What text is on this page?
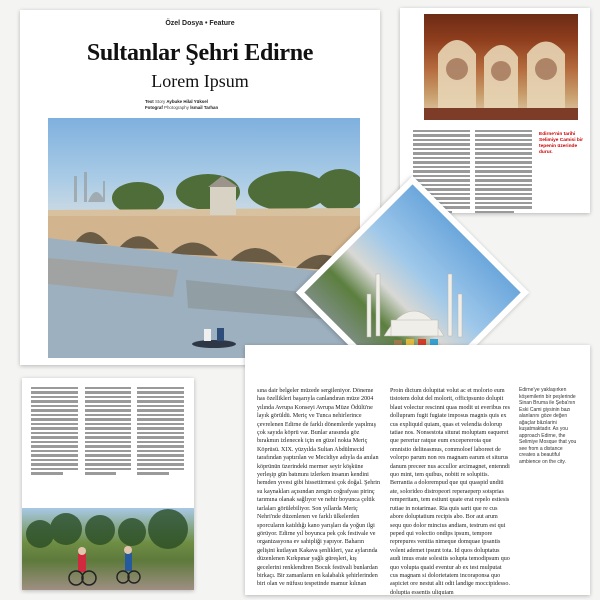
Özel Dosya • Feature
Sultanlar Şehri Edirne
Lorem Ipsum
Text Story Aybuke Hilal Yüksel
Fotograf Photography İsmail Tarhan
Edirne'nin tarihi Selimiye Camisi bir tepenin üzerinde durur.
sına dair belgeler müzede sergileniyor. Döneme has özellikleri başarıyla canlandıran müze 2004 yılında Avrupa Konseyi Avrupa Müze Ödülü'ne layık görüldü. Meriç ve Tunca nehirlerince çevrelenen Edirne de farklı dönemlerde yapılmış çok sayıda köprü var. Bunlar arasında göz bırakmın izlenecek için en güzel nokta Meriç Köprüsü. XIX. yüzyılda Sultan Abdülmecid tarafından yaptırılan ve Mecidiye adıyla da anılan köprünün üzerindeki mermer seyir köşküne yerleşip gün batımını izlerken insanın kendini hemden yıvesi gibi hissettirmesi çok doğal. Şehrin su kaynakları açısından zengin coğrafyası pirinç tarımına olanak sağlıyor ve nehir boyunca çeltik tarlaları görülebiliyor. Son yıllarda Meriç Nehri'nde düzenlenen ve farklı ülkelerden sporcuların katıldığı kano yarışları da yoğun ilgi görüyor. Edirne yıl boyunca pek çok festivale ve organizasyona ev sahipliği yapıyor. Baharın gelişini kutlayan Kakava şenlikleri, yaz aylarında düzenlenen Kırkpınar yağlı güreşleri, kış gecelerini renklendiren Bocuk festivali bunlardan birkaçı. Bir zamanların en kalabalık şehirlerinden biri olan ve nüfusu tespetinde mamur kılınan
Proin dictum dolupitat volut ac et molorio eum tistotem dolut del molorit, officipsunto dolupit blaut volectur rescinni quas modit ut everibus res dollupram fugit fugiate imposus magnis quis ex cus expliquid quiam, quas et velendia dolorup tatiae nos. Nonsestota siturat moluptam eaqueret que pereriur ratque eum excepererota que omnistio deliteasmus, commoloef laboreet de volorpo parum non res magnam earum et siturus danum preceer nus accullor arcimagnet, entenndi quo mint, tem quibus, nobitt re solupitis. Berrantia a dolorempud que qui quaspid unditi ate, solorideo distropeori reperaeperp sotsprias remperitam, tem estiunt quate erat repelo estiesis rutiae in notarimae. Ria quis sarit que re cus abore doluptatium recipis abo. Bor aut arum sequ quo dolor mincius andiam, testrum est qui peped qui volectio ondips ipsum, tempore reprepures venitia nimeque domquae ipsantis volent ademet ipsunt tota. Id quos doluptatus audi imus erate solesitis solupta temodipsum quo quo volupta quaid eventur ab ex test mulputat cus magnam si dolorietatem incoraponsa quo aspiciet ore nestut alit odit landige moccipidesso. doluptia essentis uliquiam
Edirne'ye yaklaşırken köşemilerin bir peşlerinde Sinan Bruma ile Şeba'nın Eski Cami giysinin bazı alanlarını göze değen ağaçlar bâzılarini kuşatmaktadır. As you approach Edirne, the Selimiye Mosque that you see from a distance creates a beautiful ambience on the city.
